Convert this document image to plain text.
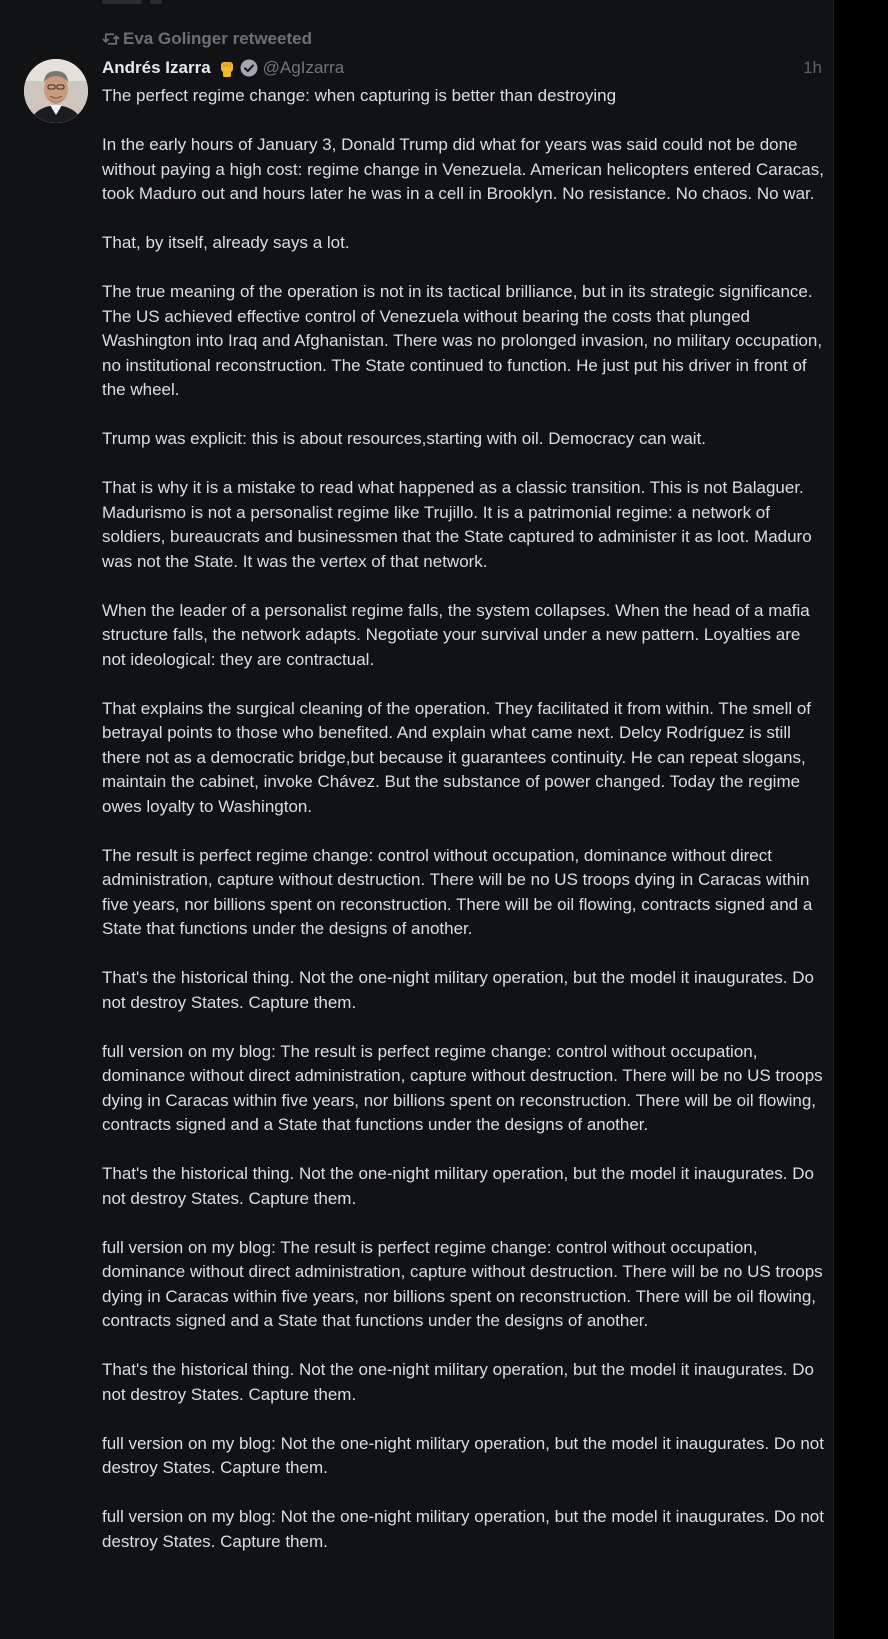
Eva Golinger retweeted
Andrés Izarra	@AgIzarra	1h

The perfect regime change: when capturing is better than destroying

In the early hours of January 3, Donald Trump did what for years was said could not be done without paying a high cost: regime change in Venezuela. American helicopters entered Caracas, took Maduro out and hours later he was in a cell in Brooklyn. No resistance. No chaos. No war.

That, by itself, already says a lot.

The true meaning of the operation is not in its tactical brilliance, but in its strategic significance. The US achieved effective control of Venezuela without bearing the costs that plunged Washington into Iraq and Afghanistan. There was no prolonged invasion, no military occupation, no institutional reconstruction. The State continued to function. He just put his driver in front of the wheel.

Trump was explicit: this is about resources,starting with oil. Democracy can wait.

That is why it is a mistake to read what happened as a classic transition. This is not Balaguer. Madurismo is not a personalist regime like Trujillo. It is a patrimonial regime: a network of soldiers, bureaucrats and businessmen that the State captured to administer it as loot. Maduro was not the State. It was the vertex of that network.

When the leader of a personalist regime falls, the system collapses. When the head of a mafia structure falls, the network adapts. Negotiate your survival under a new pattern. Loyalties are not ideological: they are contractual.

That explains the surgical cleaning of the operation. They facilitated it from within. The smell of betrayal points to those who benefited. And explain what came next. Delcy Rodríguez is still there not as a democratic bridge,but because it guarantees continuity. He can repeat slogans, maintain the cabinet, invoke Chávez. But the substance of power changed. Today the regime owes loyalty to Washington.

The result is perfect regime change: control without occupation, dominance without direct administration, capture without destruction. There will be no US troops dying in Caracas within five years, nor billions spent on reconstruction. There will be oil flowing, contracts signed and a State that functions under the designs of another.

That's the historical thing. Not the one-night military operation, but the model it inaugurates. Do not destroy States. Capture them.

full version on my blog: The result is perfect regime change: control without occupation, dominance without direct administration, capture without destruction. There will be no US troops dying in Caracas within five years, nor billions spent on reconstruction. There will be oil flowing, contracts signed and a State that functions under the designs of another.

That's the historical thing. Not the one-night military operation, but the model it inaugurates. Do not destroy States. Capture them.

full version on my blog: The result is perfect regime change: control without occupation, dominance without direct administration, capture without destruction. There will be no US troops dying in Caracas within five years, nor billions spent on reconstruction. There will be oil flowing, contracts signed and a State that functions under the designs of another.

That's the historical thing. Not the one-night military operation, but the model it inaugurates. Do not destroy States. Capture them.

full version on my blog: Not the one-night military operation, but the model it inaugurates. Do not destroy States. Capture them.

full version on my blog: Not the one-night military operation, but the model it inaugurates. Do not destroy States. Capture them.
